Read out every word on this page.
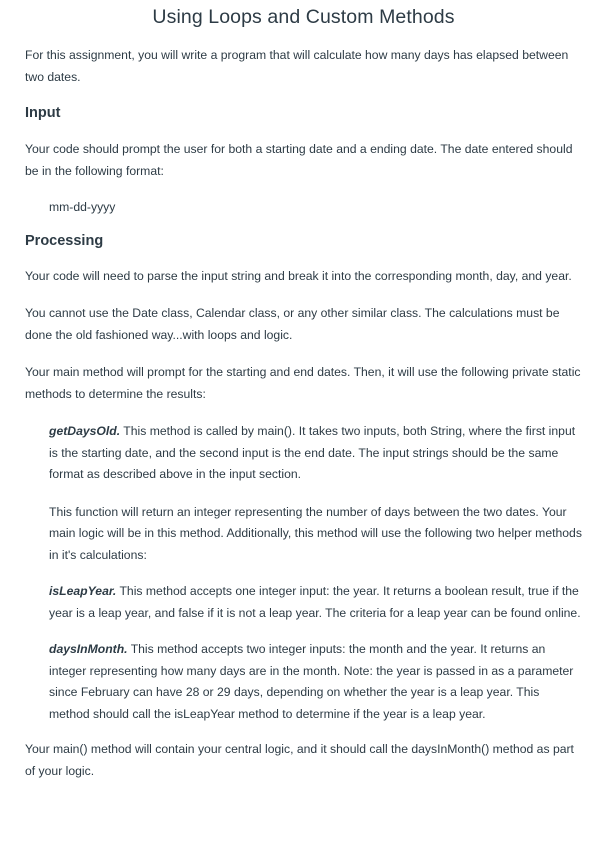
Using Loops and Custom Methods

For this assignment, you will write a program that will calculate how many days has elapsed between two dates.

Input

Your code should prompt the user for both a starting date and a ending date. The date entered should be in the following format:

mm-dd-yyyy

Processing

Your code will need to parse the input string and break it into the corresponding month, day, and year.

You cannot use the Date class, Calendar class, or any other similar class. The calculations must be done the old fashioned way...with loops and logic.

Your main method will prompt for the starting and end dates. Then, it will use the following private static methods to determine the results:

getDaysOld. This method is called by main(). It takes two inputs, both String, where the first input is the starting date, and the second input is the end date. The input strings should be the same format as described above in the input section.

This function will return an integer representing the number of days between the two dates. Your main logic will be in this method. Additionally, this method will use the following two helper methods in it's calculations:

isLeapYear. This method accepts one integer input: the year. It returns a boolean result, true if the year is a leap year, and false if it is not a leap year. The criteria for a leap year can be found online.

daysInMonth. This method accepts two integer inputs: the month and the year. It returns an integer representing how many days are in the month. Note: the year is passed in as a parameter since February can have 28 or 29 days, depending on whether the year is a leap year. This method should call the isLeapYear method to determine if the year is a leap year.

Your main() method will contain your central logic, and it should call the daysInMonth() method as part of your logic.
